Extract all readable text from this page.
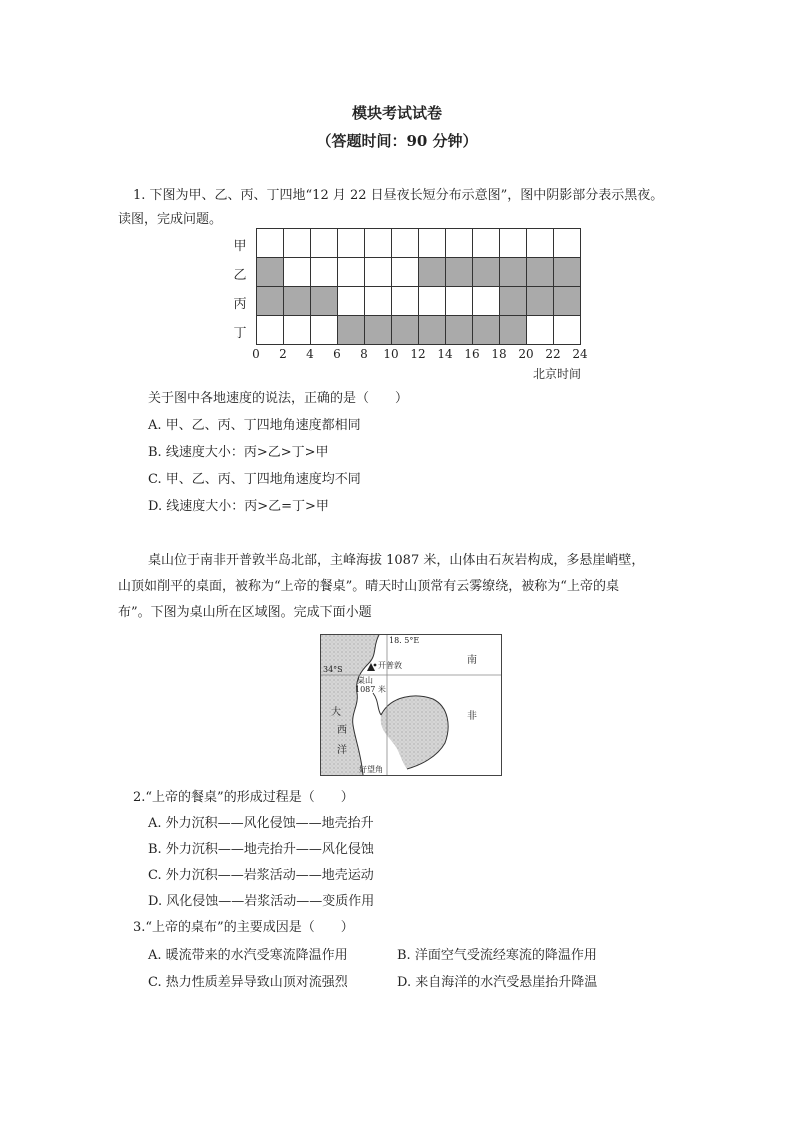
模块考试试卷
（答题时间：90 分钟）
1. 下图为甲、乙、丙、丁四地“12 月 22 日昼夜长短分布示意图”，图中阴影部分表示黑夜。
读图，完成问题。
甲
乙
丙
丁
0	2	4	6	8	10 12 14 16 18 20 22 24
北京时间
关于图中各地速度的说法，正确的是（　　）
A. 甲、乙、丙、丁四地角速度都相同
B. 线速度大小：丙>乙>丁>甲
C. 甲、乙、丙、丁四地角速度均不同
D. 线速度大小：丙>乙=丁>甲
桌山位于南非开普敦半岛北部，主峰海拔 1087 米，山体由石灰岩构成，多悬崖峭壁，
山顶如削平的桌面，被称为“上帝的餐桌”。晴天时山顶常有云雾缭绕，被称为“上帝的桌
布”。下图为桌山所在区域图。完成下面小题
18. 5°E
34°S	开普敦
桌山
1087 米
大
西
洋
南
非
好望角
2.“上帝的餐桌”的形成过程是（　　）
A. 外力沉积——风化侵蚀——地壳抬升
B. 外力沉积——地壳抬升——风化侵蚀
C. 外力沉积——岩浆活动——地壳运动
D. 风化侵蚀——岩浆活动——变质作用
3.“上帝的桌布”的主要成因是（　　）
A. 暖流带来的水汽受寒流降温作用	B. 洋面空气受流经寒流的降温作用
C. 热力性质差异导致山顶对流强烈	D. 来自海洋的水汽受悬崖抬升降温
